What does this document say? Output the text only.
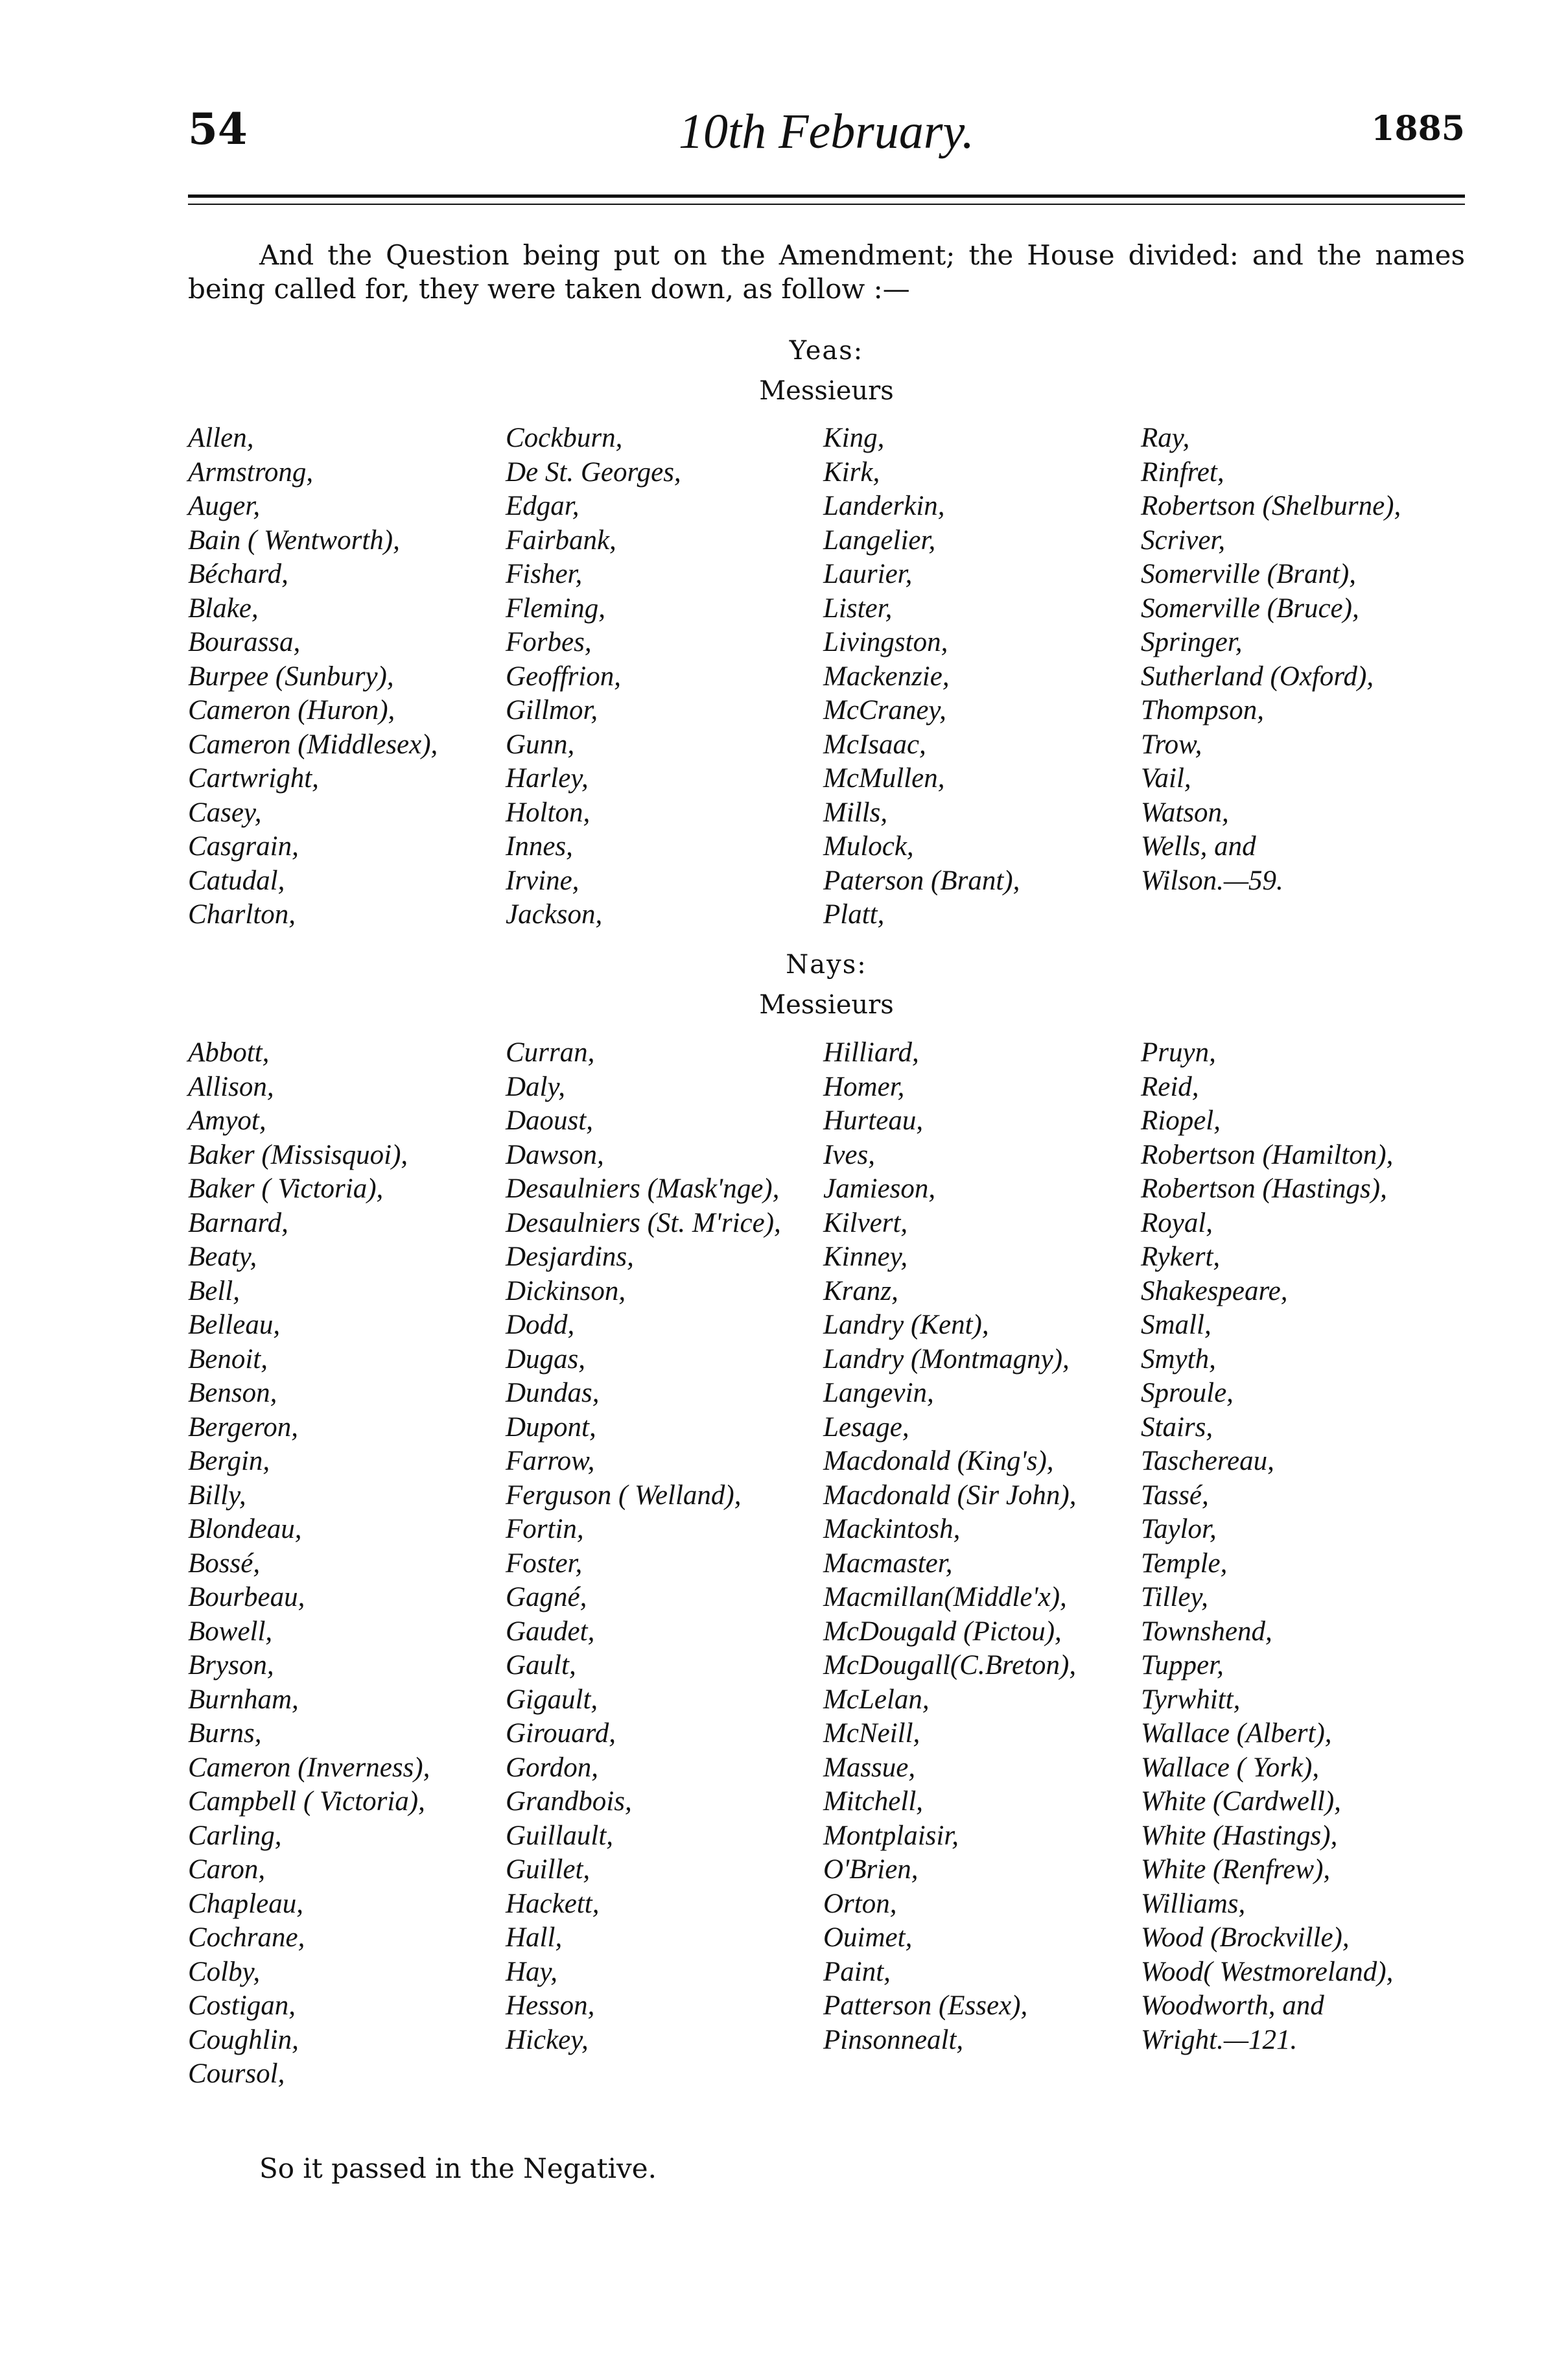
54	10th February.	1885

And the Question being put on the Amendment; the House divided: and the names being called for, they were taken down, as follow :—

Yeas:
Messieurs
Allen,
Armstrong,
Auger,
Bain ( Wentworth),
Béchard,
Blake,
Bourassa,
Burpee (Sunbury),
Cameron (Huron),
Cameron (Middlesex),
Cartwright,
Casey,
Casgrain,
Catudal,
Charlton,
Cockburn,
De St. Georges,
Edgar,
Fairbank,
Fisher,
Fleming,
Forbes,
Geoffrion,
Gillmor,
Gunn,
Harley,
Holton,
Innes,
Irvine,
Jackson,
King,
Kirk,
Landerkin,
Langelier,
Laurier,
Lister,
Livingston,
Mackenzie,
McCraney,
McIsaac,
McMullen,
Mills,
Mulock,
Paterson (Brant),
Platt,
Ray,
Rinfret,
Robertson (Shelburne),
Scriver,
Somerville (Brant),
Somerville (Bruce),
Springer,
Sutherland (Oxford),
Thompson,
Trow,
Vail,
Watson,
Wells, and
Wilson.—59.
Nays:
Messieurs
Abbott,
Allison,
Amyot,
Baker (Missisquoi),
Baker ( Victoria),
Barnard,
Beaty,
Bell,
Belleau,
Benoit,
Benson,
Bergeron,
Bergin,
Billy,
Blondeau,
Bossé,
Bourbeau,
Bowell,
Bryson,
Burnham,
Burns,
Cameron (Inverness),
Campbell ( Victoria),
Carling,
Caron,
Chapleau,
Cochrane,
Colby,
Costigan,
Coughlin,
Coursol,
Curran,
Daly,
Daoust,
Dawson,
Desaulniers (Mask'nge),
Desaulniers (St. M'rice),
Desjardins,
Dickinson,
Dodd,
Dugas,
Dundas,
Dupont,
Farrow,
Ferguson ( Welland),
Fortin,
Foster,
Gagné,
Gaudet,
Gault,
Gigault,
Girouard,
Gordon,
Grandbois,
Guillault,
Guillet,
Hackett,
Hall,
Hay,
Hesson,
Hickey,
Hilliard,
Homer,
Hurteau,
Ives,
Jamieson,
Kilvert,
Kinney,
Kranz,
Landry (Kent),
Landry (Montmagny),
Langevin,
Lesage,
Macdonald (King's),
Macdonald (Sir John),
Mackintosh,
Macmaster,
Macmillan(Middle'x),
McDougald (Pictou),
McDougall(C.Breton),
McLelan,
McNeill,
Massue,
Mitchell,
Montplaisir,
O'Brien,
Orton,
Ouimet,
Paint,
Patterson (Essex),
Pinsonnealt,
Pruyn,
Reid,
Riopel,
Robertson (Hamilton),
Robertson (Hastings),
Royal,
Rykert,
Shakespeare,
Small,
Smyth,
Sproule,
Stairs,
Taschereau,
Tassé,
Taylor,
Temple,
Tilley,
Townshend,
Tupper,
Tyrwhitt,
Wallace (Albert),
Wallace ( York),
White (Cardwell),
White (Hastings),
White (Renfrew),
Williams,
Wood (Brockville),
Wood( Westmoreland),
Woodworth, and
Wright.—121.
So it passed in the Negative.
